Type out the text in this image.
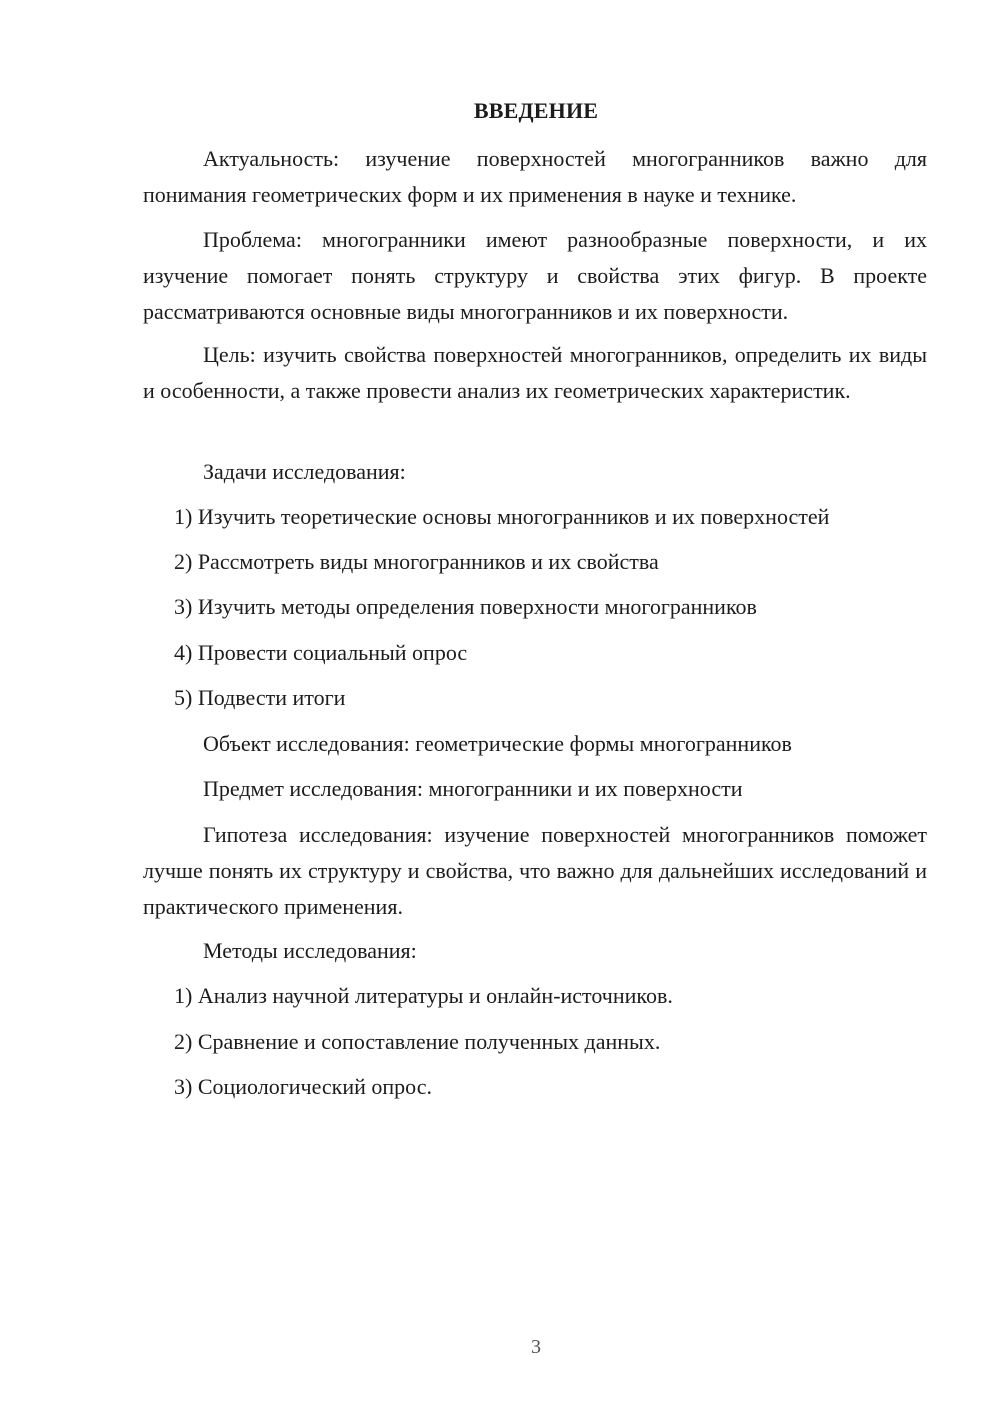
ВВЕДЕНИЕ

Актуальность: изучение поверхностей многогранников важно для понимания геометрических форм и их применения в науке и технике.

Проблема: многогранники имеют разнообразные поверхности, и их изучение помогает понять структуру и свойства этих фигур. В проекте рассматриваются основные виды многогранников и их поверхности.

Цель: изучить свойства поверхностей многогранников, определить их виды и особенности, а также провести анализ их геометрических характеристик.

Задачи исследования:

1) Изучить теоретические основы многогранников и их поверхностей

2) Рассмотреть виды многогранников и их свойства

3) Изучить методы определения поверхности многогранников

4) Провести социальный опрос

5) Подвести итоги

Объект исследования: геометрические формы многогранников

Предмет исследования: многогранники и их поверхности

Гипотеза исследования: изучение поверхностей многогранников поможет лучше понять их структуру и свойства, что важно для дальнейших исследований и практического применения.

Методы исследования:

1) Анализ научной литературы и онлайн-источников.

2) Сравнение и сопоставление полученных данных.

3) Социологический опрос.

3
